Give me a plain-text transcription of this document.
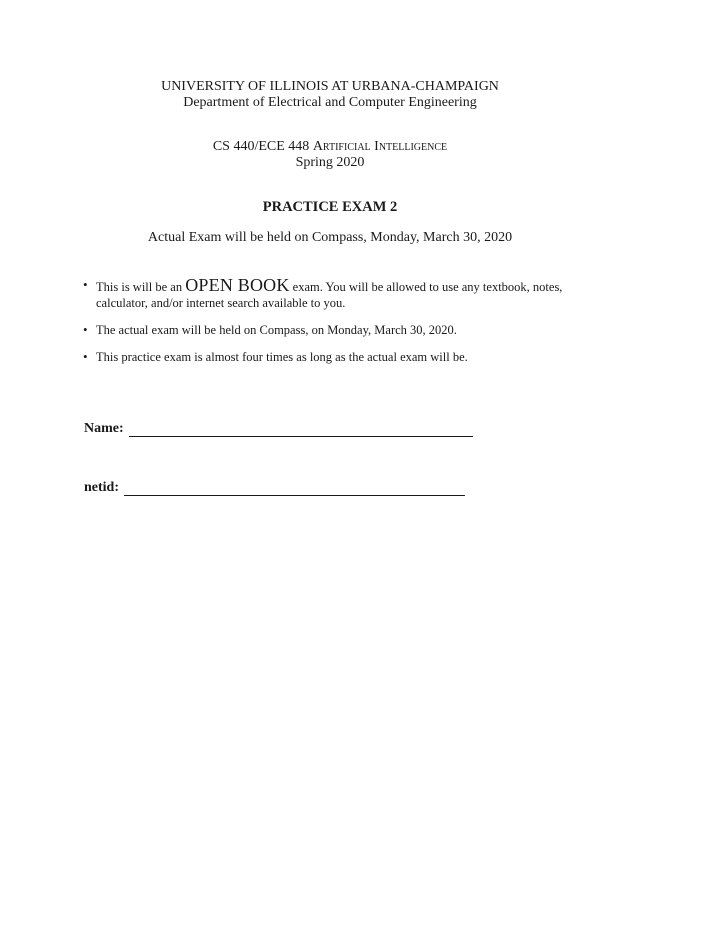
UNIVERSITY OF ILLINOIS AT URBANA-CHAMPAIGN
Department of Electrical and Computer Engineering
CS 440/ECE 448 Artificial Intelligence
Spring 2020
PRACTICE EXAM 2
Actual Exam will be held on Compass, Monday, March 30, 2020
• This is will be an OPEN BOOK exam. You will be allowed to use any textbook, notes, calculator, and/or internet search available to you.
• The actual exam will be held on Compass, on Monday, March 30, 2020.
• This practice exam is almost four times as long as the actual exam will be.
Name:
netid:
